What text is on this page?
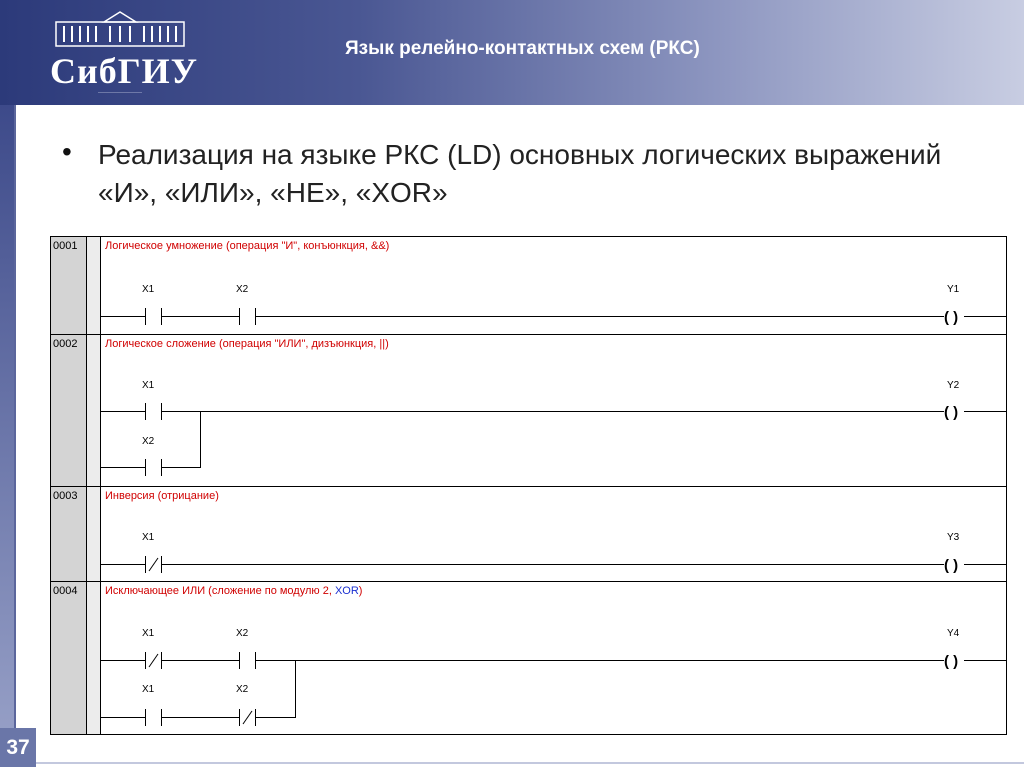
СибГИУ
Язык релейно-контактных схем (РКС)
• Реализация на языке РКС (LD) основных логических выражений «И», «ИЛИ», «НЕ», «XOR»
0001	Логическое умножение (операция "И", конъюнкция, &&)
X1	X2	Y1
( )
0002	Логическое сложение (операция "ИЛИ", дизъюнкция, ||)
X1
X2
Y2
( )
0003	Инверсия (отрицание)
X1	Y3
( )
0004	Исключающее ИЛИ (сложение по модулю 2, XOR)
X1	X2
X1	X2
Y4
( )
37
